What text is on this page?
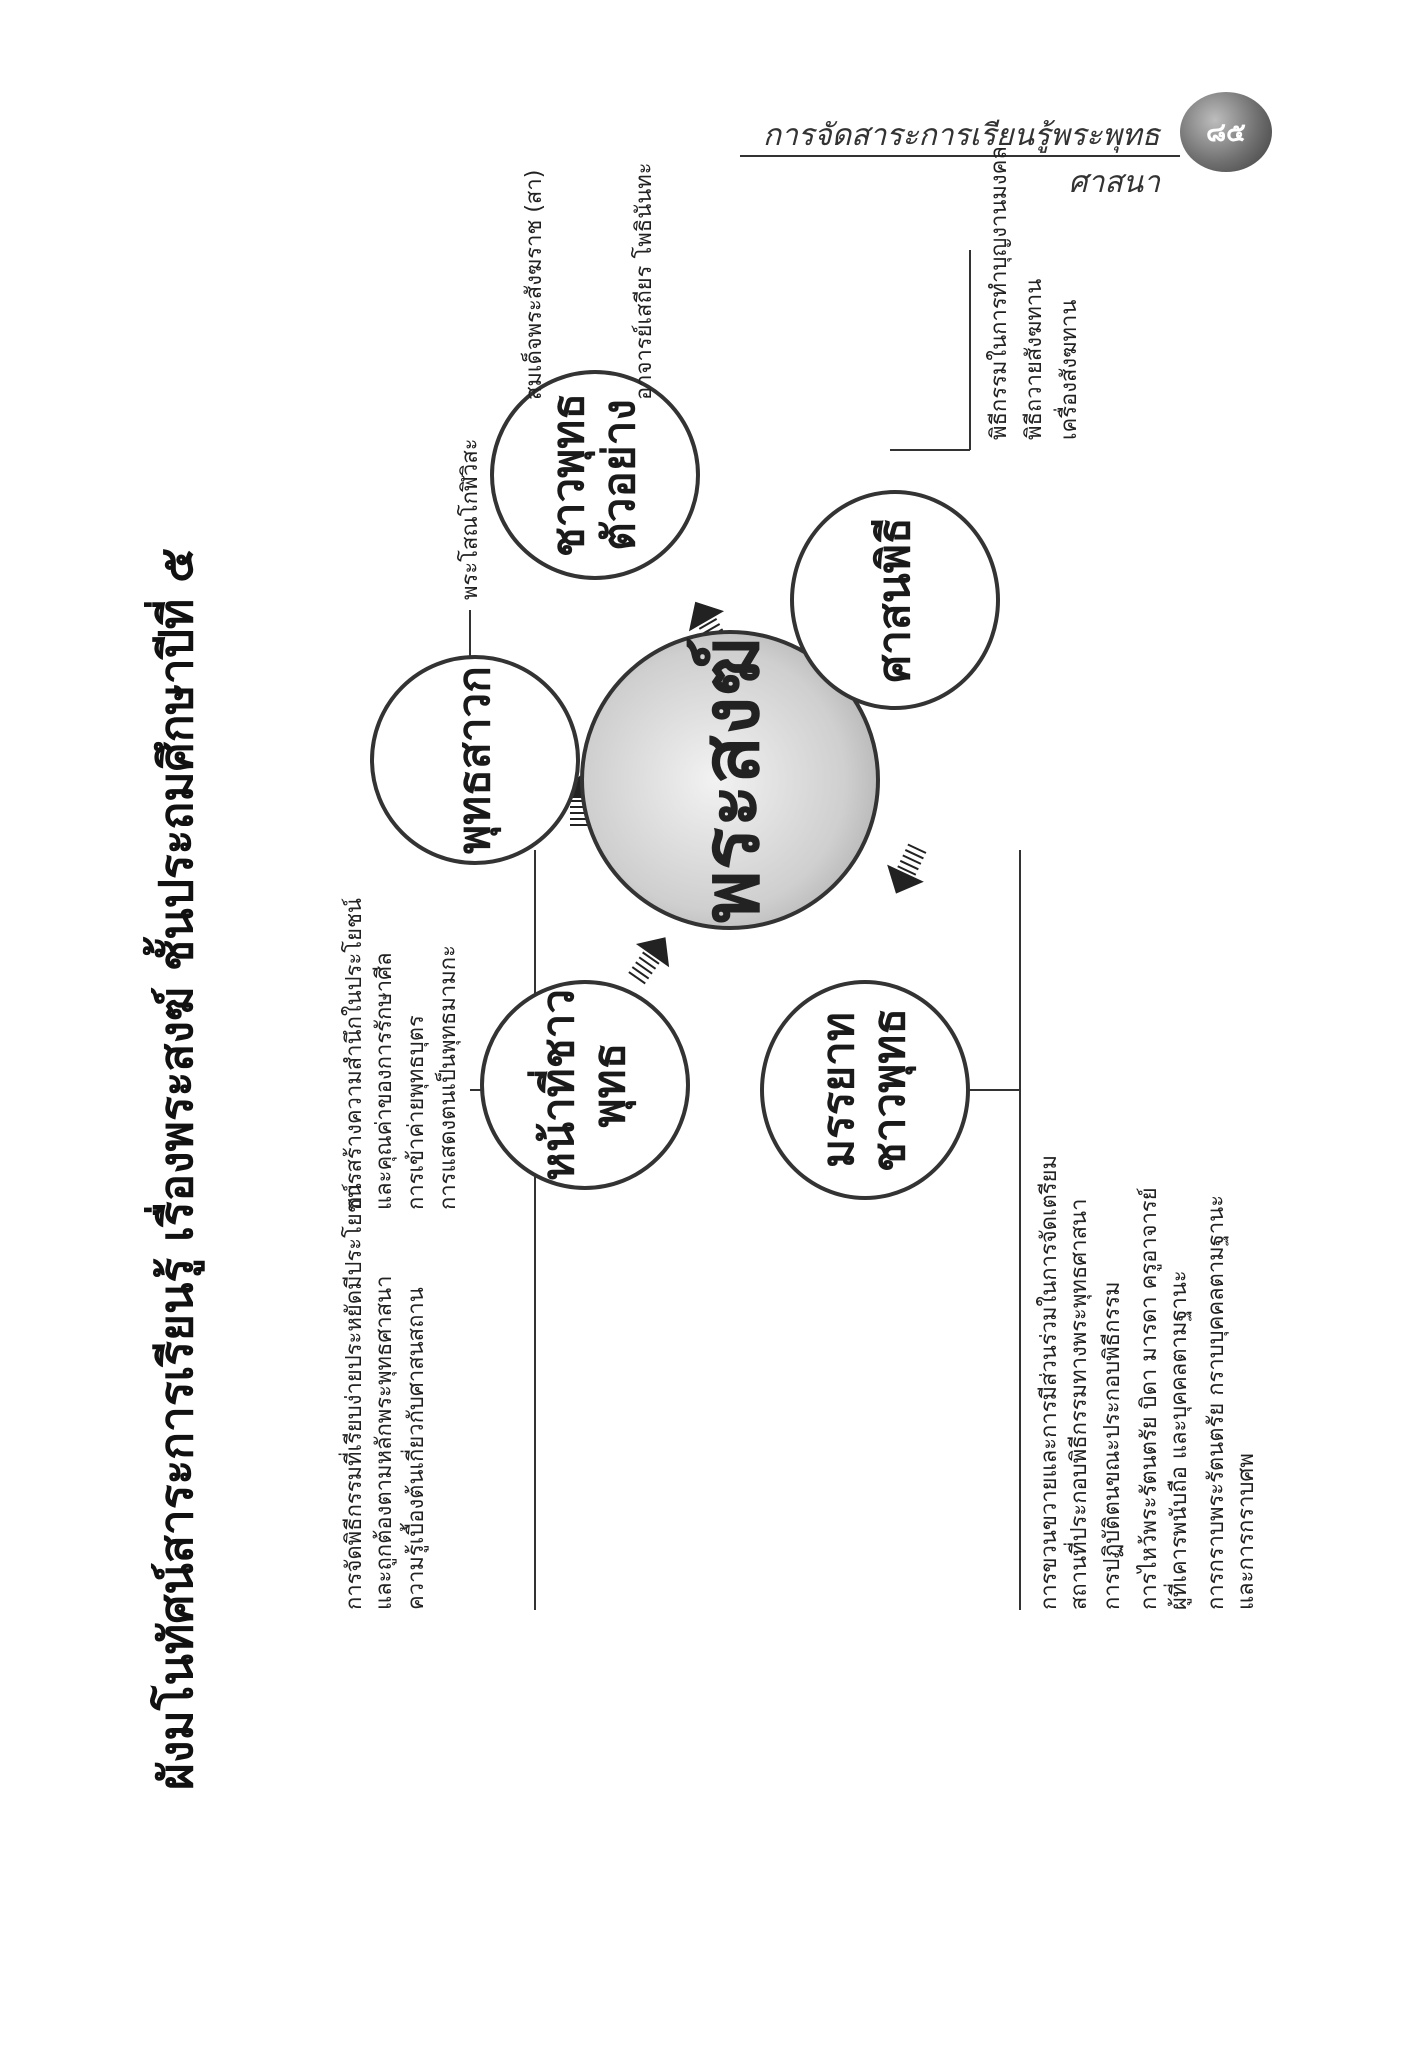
การจัดสาระการเรียนรู้พระพุทธศาสนา
๘๕
ผังมโนทัศน์สาระการเรียนรู้ เรื่องพระสงฆ์ ชั้นประถมศึกษาปีที่ ๕	พระสงฆ์
หน้าที่ชาวพุทธ
พุทธสาวก
ชาวพุทธตัวอย่าง
มรรยาทชาวพุทธ
ศาสนพิธี
การจัดพิธีกรรมที่เรียบง่ายประหยัดมีประโยชน์ และถูกต้องตามหลักพระพุทธศาสนา ความรู้เบื้องต้นเกี่ยวกับศาสนสถาน
การสร้างความสำนึกในประโยชน์ และคุณค่าของการรักษาศีล การเข้าค่ายพุทธบุตร การแสดงตนเป็นพุทธมามกะ
การขวนขวายและการมีส่วนร่วมในการจัดเตรียม สถานที่ประกอบพิธีกรรมทางพระพุทธศาสนา การปฏิบัติตนขณะประกอบพิธีกรรม การไหว้พระรัตนตรัย บิดา มารดา ครูอาจารย์ ผู้ที่เคารพนับถือ และบุคคลตามฐานะ การกราบพระรัตนตรัย กราบบุคคลตามฐานะ และการกราบศพ
พระโสณโกฬิวิสะ
สมเด็จพระสังฆราช (สา)	อาจารย์เสถียร โพธินันทะ	พิธีกรรมในการทำบุญงานมงคล พิธีถวายสังฆทาน เครื่องสังฆทาน
